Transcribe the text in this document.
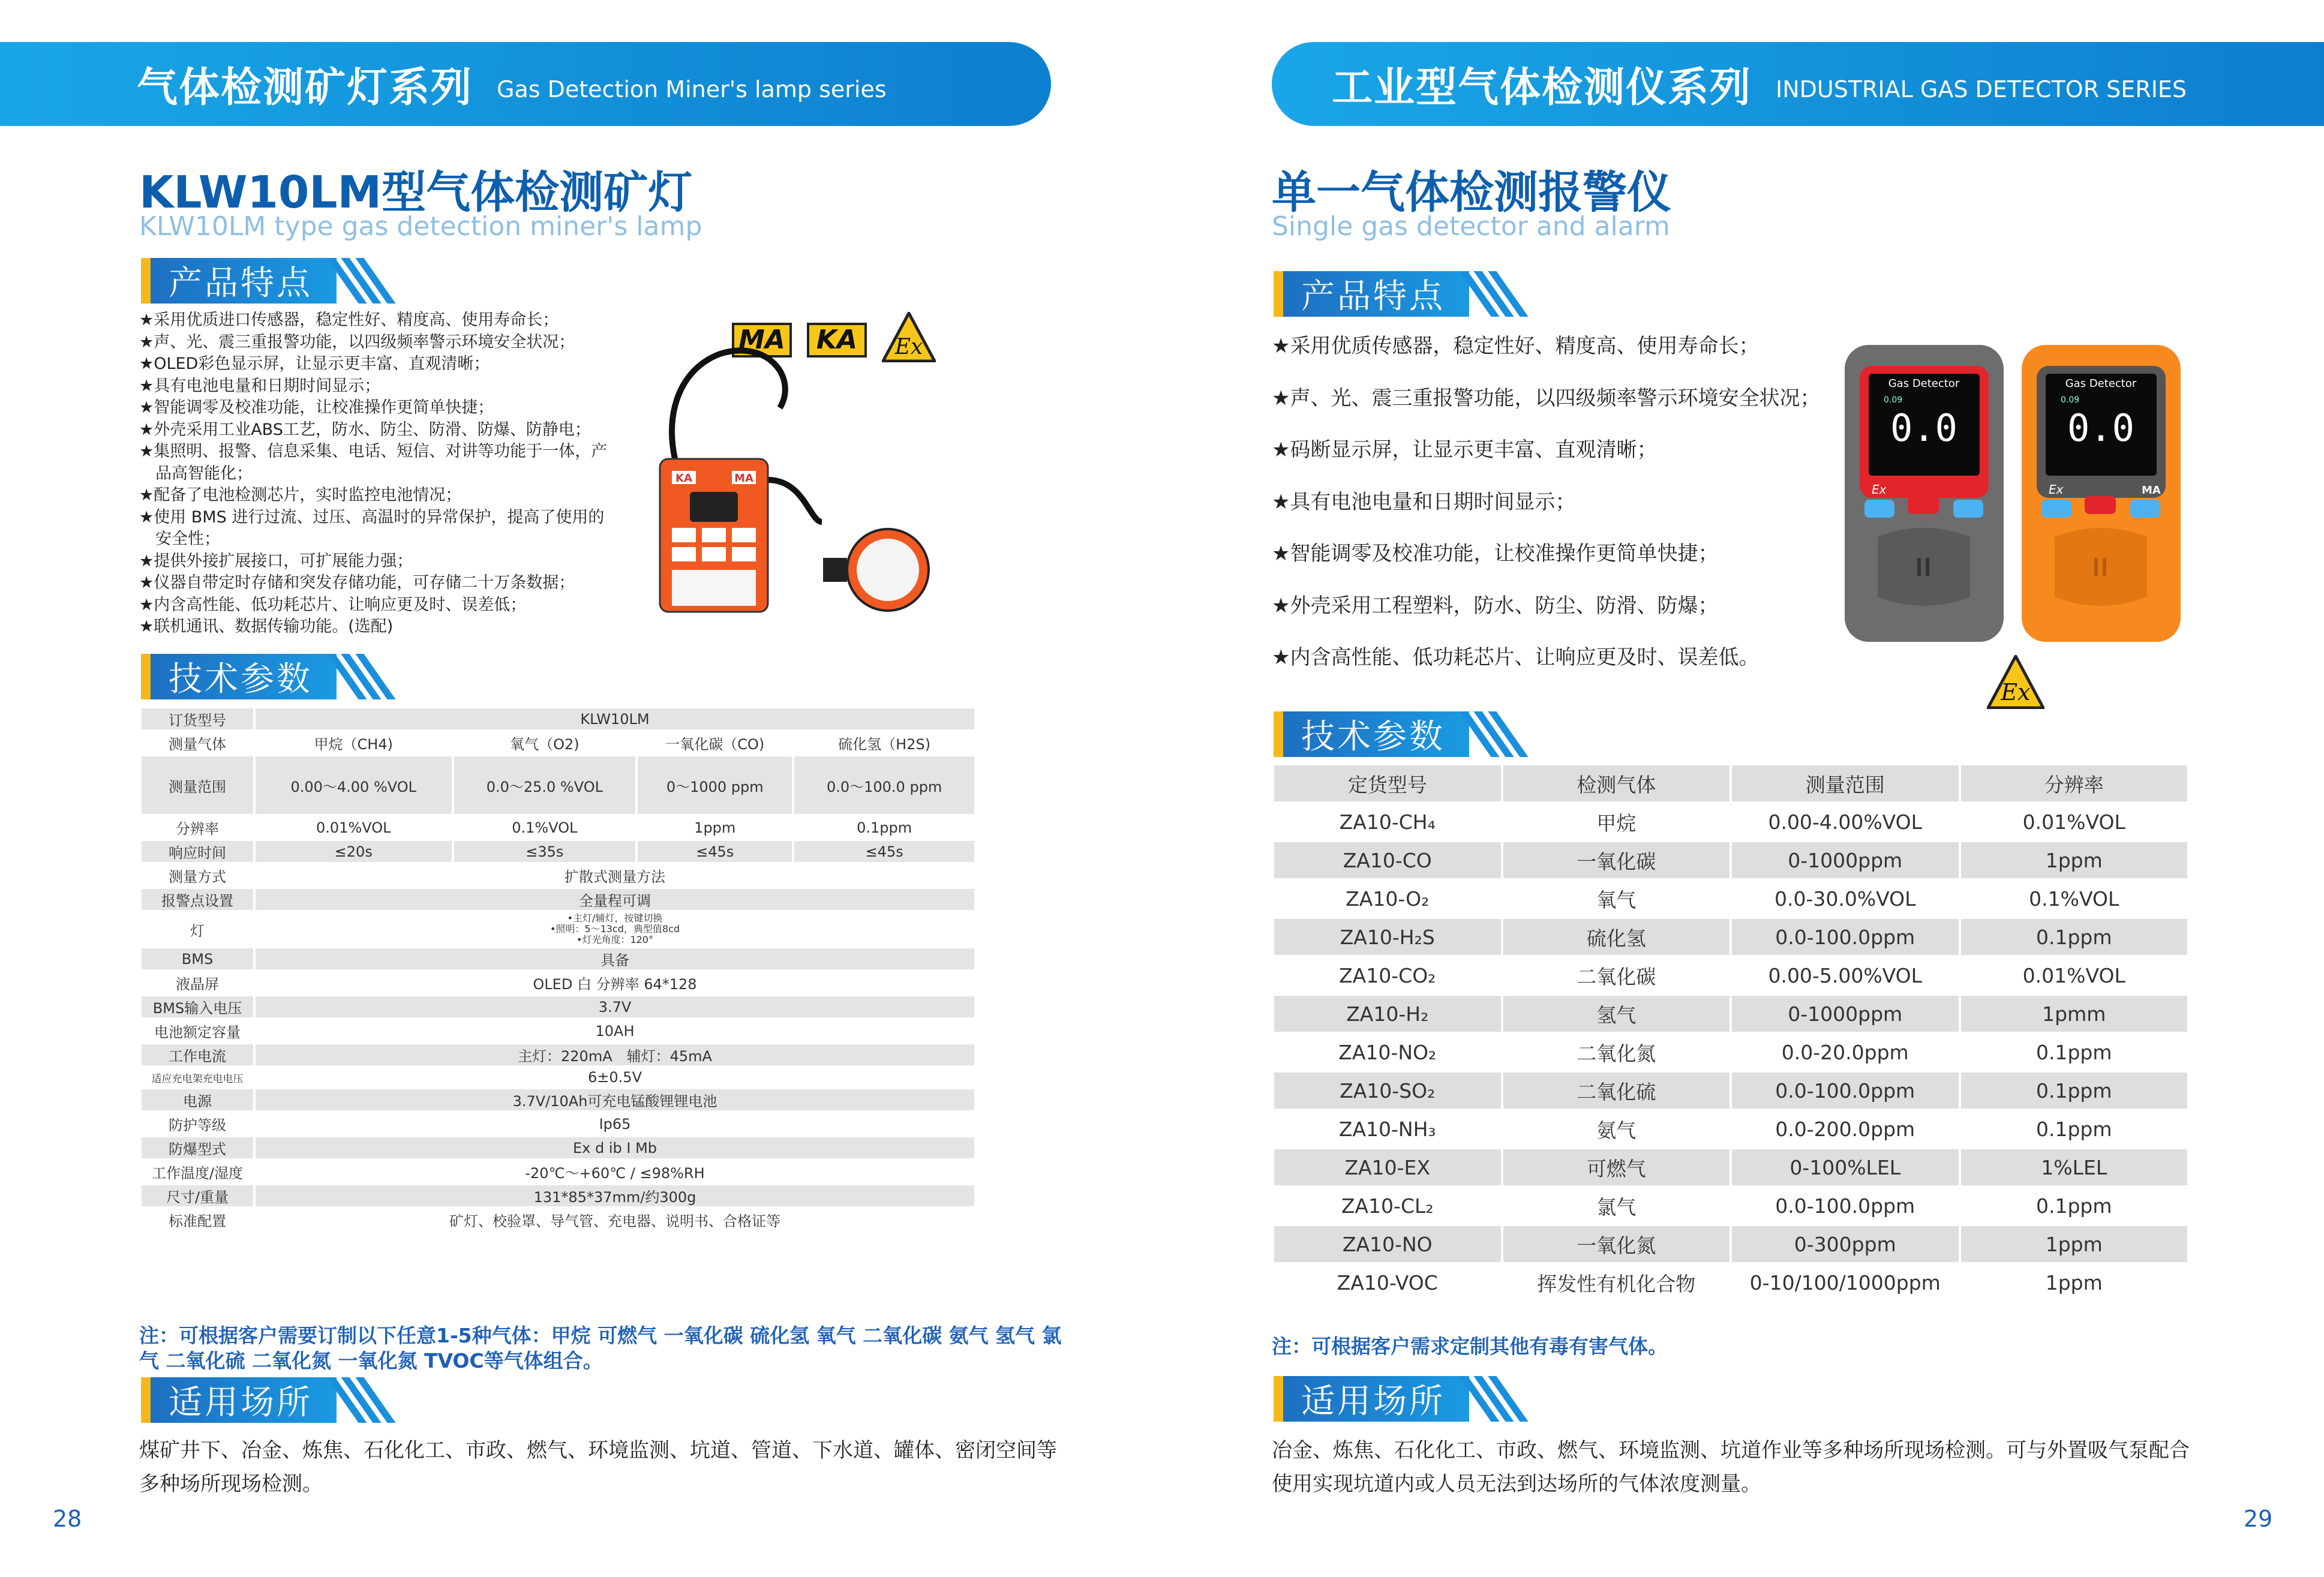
气体检测矿灯系列 Gas Detection Miner's lamp series
KLW10LM型气体检测矿灯
KLW10LM type gas detection miner's lamp
产品特点
★采用优质进口传感器，稳定性好、精度高、使用寿命长；
★声、光、震三重报警功能，以四级频率警示环境安全状况；
★OLED彩色显示屏，让显示更丰富、直观清晰；
★具有电池电量和日期时间显示；
★智能调零及校准功能，让校准操作更简单快捷；
★外壳采用工业ABS工艺，防水、防尘、防滑、防爆、防静电；
★集照明、报警、信息采集、电话、短信、对讲等功能于一体，产
　品高智能化；
★配备了电池检测芯片，实时监控电池情况；
★使用 BMS 进行过流、过压、高温时的异常保护，提高了使用的
　安全性；
★提供外接扩展接口，可扩展能力强；
★仪器自带定时存储和突发存储功能，可存储二十万条数据；
★内含高性能、低功耗芯片、让响应更及时、误差低；
★联机通讯、数据传输功能。(选配)
MA	KA	Ex
KA	MA
技术参数
订货型号	KLW10LM			
测量气体	甲烷（CH4)	氧气（O2)	一氧化碳（CO)	硫化氢（H2S)
测量范围	0.00～4.00 %VOL	0.0～25.0 %VOL	0～1000 ppm	0.0～100.0 ppm
分辨率	0.01%VOL	0.1%VOL	1ppm	0.1ppm
响应时间	≤20s	≤35s	≤45s	≤45s
测量方式	扩散式测量方法			
报警点设置	全量程可调			
灯	•主灯/辅灯，按键切换
•照明：5～13cd，典型值8cd
•灯光角度：120°			

BMS	具备			
液晶屏	OLED 白 分辨率 64*128			
BMS输入电压	3.7V			
电池额定容量	10AH			
工作电流	主灯：220mA　辅灯：45mA			
适应充电架充电电压	6±0.5V			
电源	3.7V/10Ah可充电锰酸锂锂电池			
防护等级	Ip65			
防爆型式	Ex d ib Ⅰ Mb			
工作温度/湿度	-20℃～+60℃ / ≤98%RH			
尺寸/重量	131*85*37mm/约300g			
标准配置	矿灯、校验罩、导气管、充电器、说明书、合格证等			
注：可根据客户需要订制以下任意1-5种气体：甲烷 可燃气 一氧化碳 硫化氢 氧气 二氧化碳 氨气 氢气 氯气 二氧化硫 二氧化氮 一氧化氮 TVOC等气体组合。
适用场所
煤矿井下、冶金、炼焦、石化化工、市政、燃气、环境监测、坑道、管道、下水道、罐体、密闭空间等多种场所现场检测。
28
工业型气体检测仪系列 INDUSTRIAL GAS DETECTOR SERIES
单一气体检测报警仪
Single gas detector and alarm
产品特点
★采用优质传感器，稳定性好、精度高、使用寿命长；
★声、光、震三重报警功能，以四级频率警示环境安全状况；
★码断显示屏，让显示更丰富、直观清晰；
★具有电池电量和日期时间显示；
★智能调零及校准功能，让校准操作更简单快捷；
★外壳采用工程塑料，防水、防尘、防滑、防爆；
★内含高性能、低功耗芯片、让响应更及时、误差低。
Gas Detector
0.09
0.0
Ex
Gas Detector
0.09
0.0
Ex	MA
Ex
技术参数
定货型号	检测气体	测量范围	分辨率
ZA10-CH₄	甲烷	0.00-4.00%VOL	0.01%VOL
ZA10-CO	一氧化碳	0-1000ppm	1ppm
ZA10-O₂	氧气	0.0-30.0%VOL	0.1%VOL
ZA10-H₂S	硫化氢	0.0-100.0ppm	0.1ppm
ZA10-CO₂	二氧化碳	0.00-5.00%VOL	0.01%VOL
ZA10-H₂	氢气	0-1000ppm	1pmm
ZA10-NO₂	二氧化氮	0.0-20.0ppm	0.1ppm
ZA10-SO₂	二氧化硫	0.0-100.0ppm	0.1ppm
ZA10-NH₃	氨气	0.0-200.0ppm	0.1ppm
ZA10-EX	可燃气	0-100%LEL	1%LEL
ZA10-CL₂	氯气	0.0-100.0ppm	0.1ppm
ZA10-NO	一氧化氮	0-300ppm	1ppm
ZA10-VOC	挥发性有机化合物	0-10/100/1000ppm	1ppm
注：可根据客户需求定制其他有毒有害气体。
适用场所
冶金、炼焦、石化化工、市政、燃气、环境监测、坑道作业等多种场所现场检测。可与外置吸气泵配合使用实现坑道内或人员无法到达场所的气体浓度测量。
29
